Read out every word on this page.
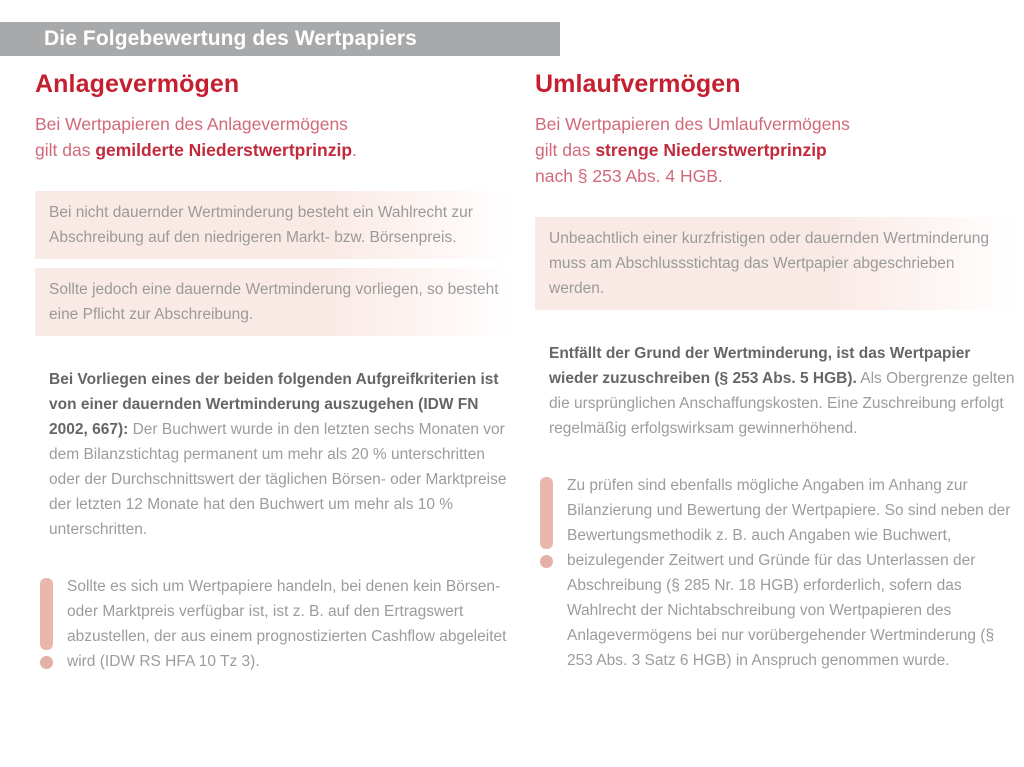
Die Folgebewertung des Wertpapiers
Anlagevermögen

Bei Wertpapieren des Anlagevermögens
gilt das gemilderte Niederstwertprinzip.

Bei nicht dauernder Wertminderung besteht ein Wahlrecht zur Abschreibung auf den niedrigeren Markt- bzw. Börsenpreis.
Sollte jedoch eine dauernde Wertminderung vorliegen, so besteht eine Pflicht zur Abschreibung.

Bei Vorliegen eines der beiden folgenden Aufgreifkriterien ist von einer dauernden Wertminderung auszugehen (IDW FN 2002, 667): Der Buchwert wurde in den letzten sechs Monaten vor dem Bilanzstichtag permanent um mehr als 20 % unterschritten oder der Durchschnittswert der täglichen Börsen- oder Marktpreise der letzten 12 Monate hat den Buchwert um mehr als 10 % unterschritten.

Sollte es sich um Wertpapiere handeln, bei denen kein Börsen- oder Marktpreis verfügbar ist, ist z. B. auf den Ertragswert abzustellen, der aus einem prognostizierten Cashflow abgeleitet wird (IDW RS HFA 10 Tz 3).
Umlaufvermögen

Bei Wertpapieren des Umlaufvermögens
gilt das strenge Niederstwertprinzip
nach § 253 Abs. 4 HGB.

Unbeachtlich einer kurzfristigen oder dauernden Wertminderung muss am Abschlussstichtag das Wertpapier abgeschrieben werden.

Entfällt der Grund der Wertminderung, ist das Wertpapier wieder zuzuschreiben (§ 253 Abs. 5 HGB). Als Obergrenze gelten die ursprünglichen Anschaffungskosten. Eine Zuschreibung erfolgt regelmäßig erfolgswirksam gewinnerhöhend.

Zu prüfen sind ebenfalls mögliche Angaben im Anhang zur Bilanzierung und Bewertung der Wertpapiere. So sind neben der Bewertungsmethodik z. B. auch Angaben wie Buchwert, beizulegender Zeitwert und Gründe für das Unterlassen der Abschreibung (§ 285 Nr. 18 HGB) erforderlich, sofern das Wahlrecht der Nichtabschreibung von Wertpapieren des Anlagevermögens bei nur vorübergehender Wertminderung (§ 253 Abs. 3 Satz 6 HGB) in Anspruch genommen wurde.
